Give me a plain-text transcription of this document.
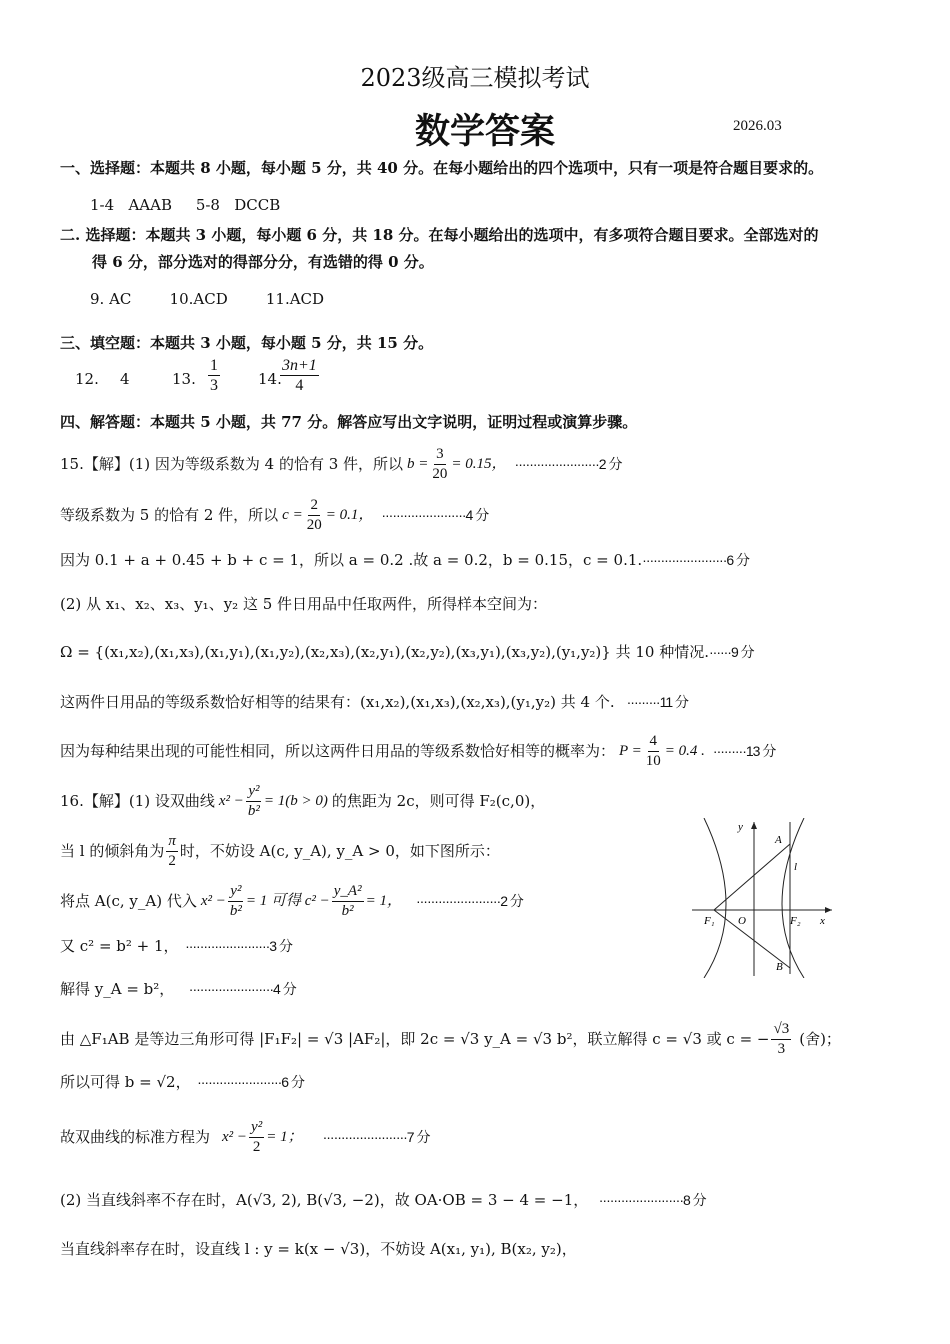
2023级高三模拟考试
数学答案	2026.03
一、选择题：本题共 8 小题，每小题 5 分，共 40 分。在每小题给出的四个选项中，只有一项是符合题目要求的。
1-4   AAAB     5-8   DCCB
二. 选择题：本题共 3 小题，每小题 6 分，共 18 分。在每小题给出的选项中，有多项符合题目要求。全部选对的
得 6 分，部分选对的得部分分，有选错的得 0 分。
9. AC        10.ACD        11.ACD
三、填空题：本题共 3 小题，每小题 5 分，共 15 分。
12. 4	13. $\frac{1}{3}$	14.
$\frac{3n+1}{4}$
四、解答题：本题共 5 小题，共 77 分。解答应写出文字说明，证明过程或演算步骤。
15.【解】(1) 因为等级系数为 4 的恰有 3 件，所以 $b = \frac{3}{20} = 0.15$， ·······················2 分
等级系数为 5 的恰有 2 件，所以 $c = \frac{2}{20} = 0.1$， ·······················4 分
因为 0.1 + a + 0.45 + b + c = 1，所以 a = 0.2 .故 a = 0.2，b = 0.15，c = 0.1.·······················6 分
(2) 从 x₁、x₂、x₃、y₁、y₂ 这 5 件日用品中任取两件，所得样本空间为：
Ω = {(x₁,x₂),(x₁,x₃),(x₁,y₁),(x₁,y₂),(x₂,x₃),(x₂,y₁),(x₂,y₂),(x₃,y₁),(x₃,y₂),(y₁,y₂)} 共 10 种情况.······9 分
这两件日用品的等级系数恰好相等的结果有：(x₁,x₂),(x₁,x₃),(x₂,x₃),(y₁,y₂) 共 4 个. ·········11 分
因为每种结果出现的可能性相同，所以这两件日用品的等级系数恰好相等的概率为： $P = \frac{4}{10} = 0.4$ . ·········13 分
16.【解】(1) 设双曲线 $x^2 - \frac{\text{y²}}{\text{b²}} = 1(b > 0)$ 的焦距为 2c，则可得 F₂(c,0)，
当 l 的倾斜角为 $\frac{\pi}{2}$ 时，不妨设 A(c, y_A), y_A > 0，如下图所示：
将点 A(c, y_A) 代入 $x^2 - \frac{\text{y²}}{\text{b²}} = 1$ 可得 $c^2 - \frac{\text{y\_A²}}{\text{b²}} = 1$， ·······················2 分
又 c² = b² + 1， ·······················3 分
解得 y_A = b²， ·······················4 分
由 △F₁AB 是等边三角形可得 |F₁F₂| = √3 |AF₂|，即 2c = √3 y_A = √3 b²，联立解得 c = √3 或 c = − $\frac{√3}{3}$ (舍)；
所以可得 b = √2， ·······················6 分
故双曲线的标准方程为 $x^2 - \frac{\text{y²}}{2} = 1$； ·······················7 分
(2) 当直线斜率不存在时，A(√3, 2), B(√3, −2)，故 OA·OB = 3 − 4 = −1， ·······················8 分
当直线斜率存在时，设直线 l : y = k(x − √3)，不妨设 A(x₁, y₁), B(x₂, y₂)，
y
x
A
B
l
O
F₁	F₂
